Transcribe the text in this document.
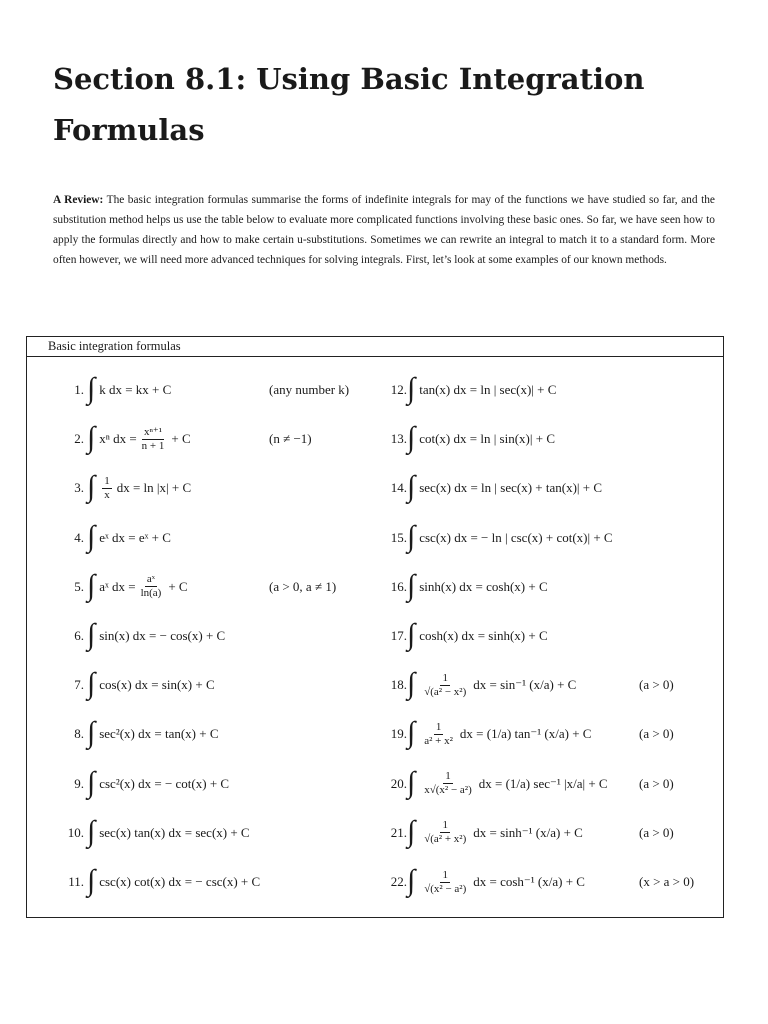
Section 8.1: Using Basic Integration Formulas

A Review: The basic integration formulas summarise the forms of indefinite integrals for may of the functions we have studied so far, and the substitution method helps us use the table below to evaluate more complicated functions involving these basic ones. So far, we have seen how to apply the formulas directly and how to make certain u-substitutions. Sometimes we can rewrite an integral to match it to a standard form. More often however, we will need more advanced techniques for solving integrals. First, let’s look at some examples of our known methods.

Basic integration formulas
1. ∫ k dx = kx + C	(any number k)	12. ∫ tan(x) dx = ln | sec(x)| + C
2. ∫ xⁿ dx = $\frac{\text{xⁿ⁺¹}}{n + 1} + C$	(n ≠ −1)	13. ∫ cot(x) dx = ln | sin(x)| + C
3. ∫ $\frac{1}{x}$ dx = ln |x| + C	14. ∫ sec(x) dx = ln | sec(x) + tan(x)| + C
4. ∫ eˣ dx = eˣ + C	15. ∫ csc(x) dx = − ln | csc(x) + cot(x)| + C
5. ∫ aˣ dx = $\frac{\text{aˣ}}{\ln(a)} + C$	(a > 0, a ≠ 1)	16. ∫ sinh(x) dx = cosh(x) + C
6. ∫ sin(x) dx = − cos(x) + C	17. ∫ cosh(x) dx = sinh(x) + C
7. ∫ cos(x) dx = sin(x) + C	18. ∫ $\frac{1}{\text{√(a² − x²)}}$ dx = sin⁻¹ (x/a) + C	(a > 0)
8. ∫ sec²(x) dx = tan(x) + C	19. ∫ $\frac{1}{\text{a² + x²}}$ dx = (1/a) tan⁻¹ (x/a) + C	(a > 0)
9. ∫ csc²(x) dx = − cot(x) + C	20. ∫ $\frac{1}{\text{x√(x² − a²)}}$ dx = (1/a) sec⁻¹ |x/a| + C (a > 0)
10. ∫ sec(x) tan(x) dx = sec(x) + C	21. ∫ $\frac{1}{\text{√(a² + x²)}}$ dx = sinh⁻¹ (x/a) + C	(a > 0)
11. ∫ csc(x) cot(x) dx = − csc(x) + C	22. ∫ $\frac{1}{\text{√(x² − a²)}}$ dx = cosh⁻¹ (x/a) + C	(x > a > 0)
